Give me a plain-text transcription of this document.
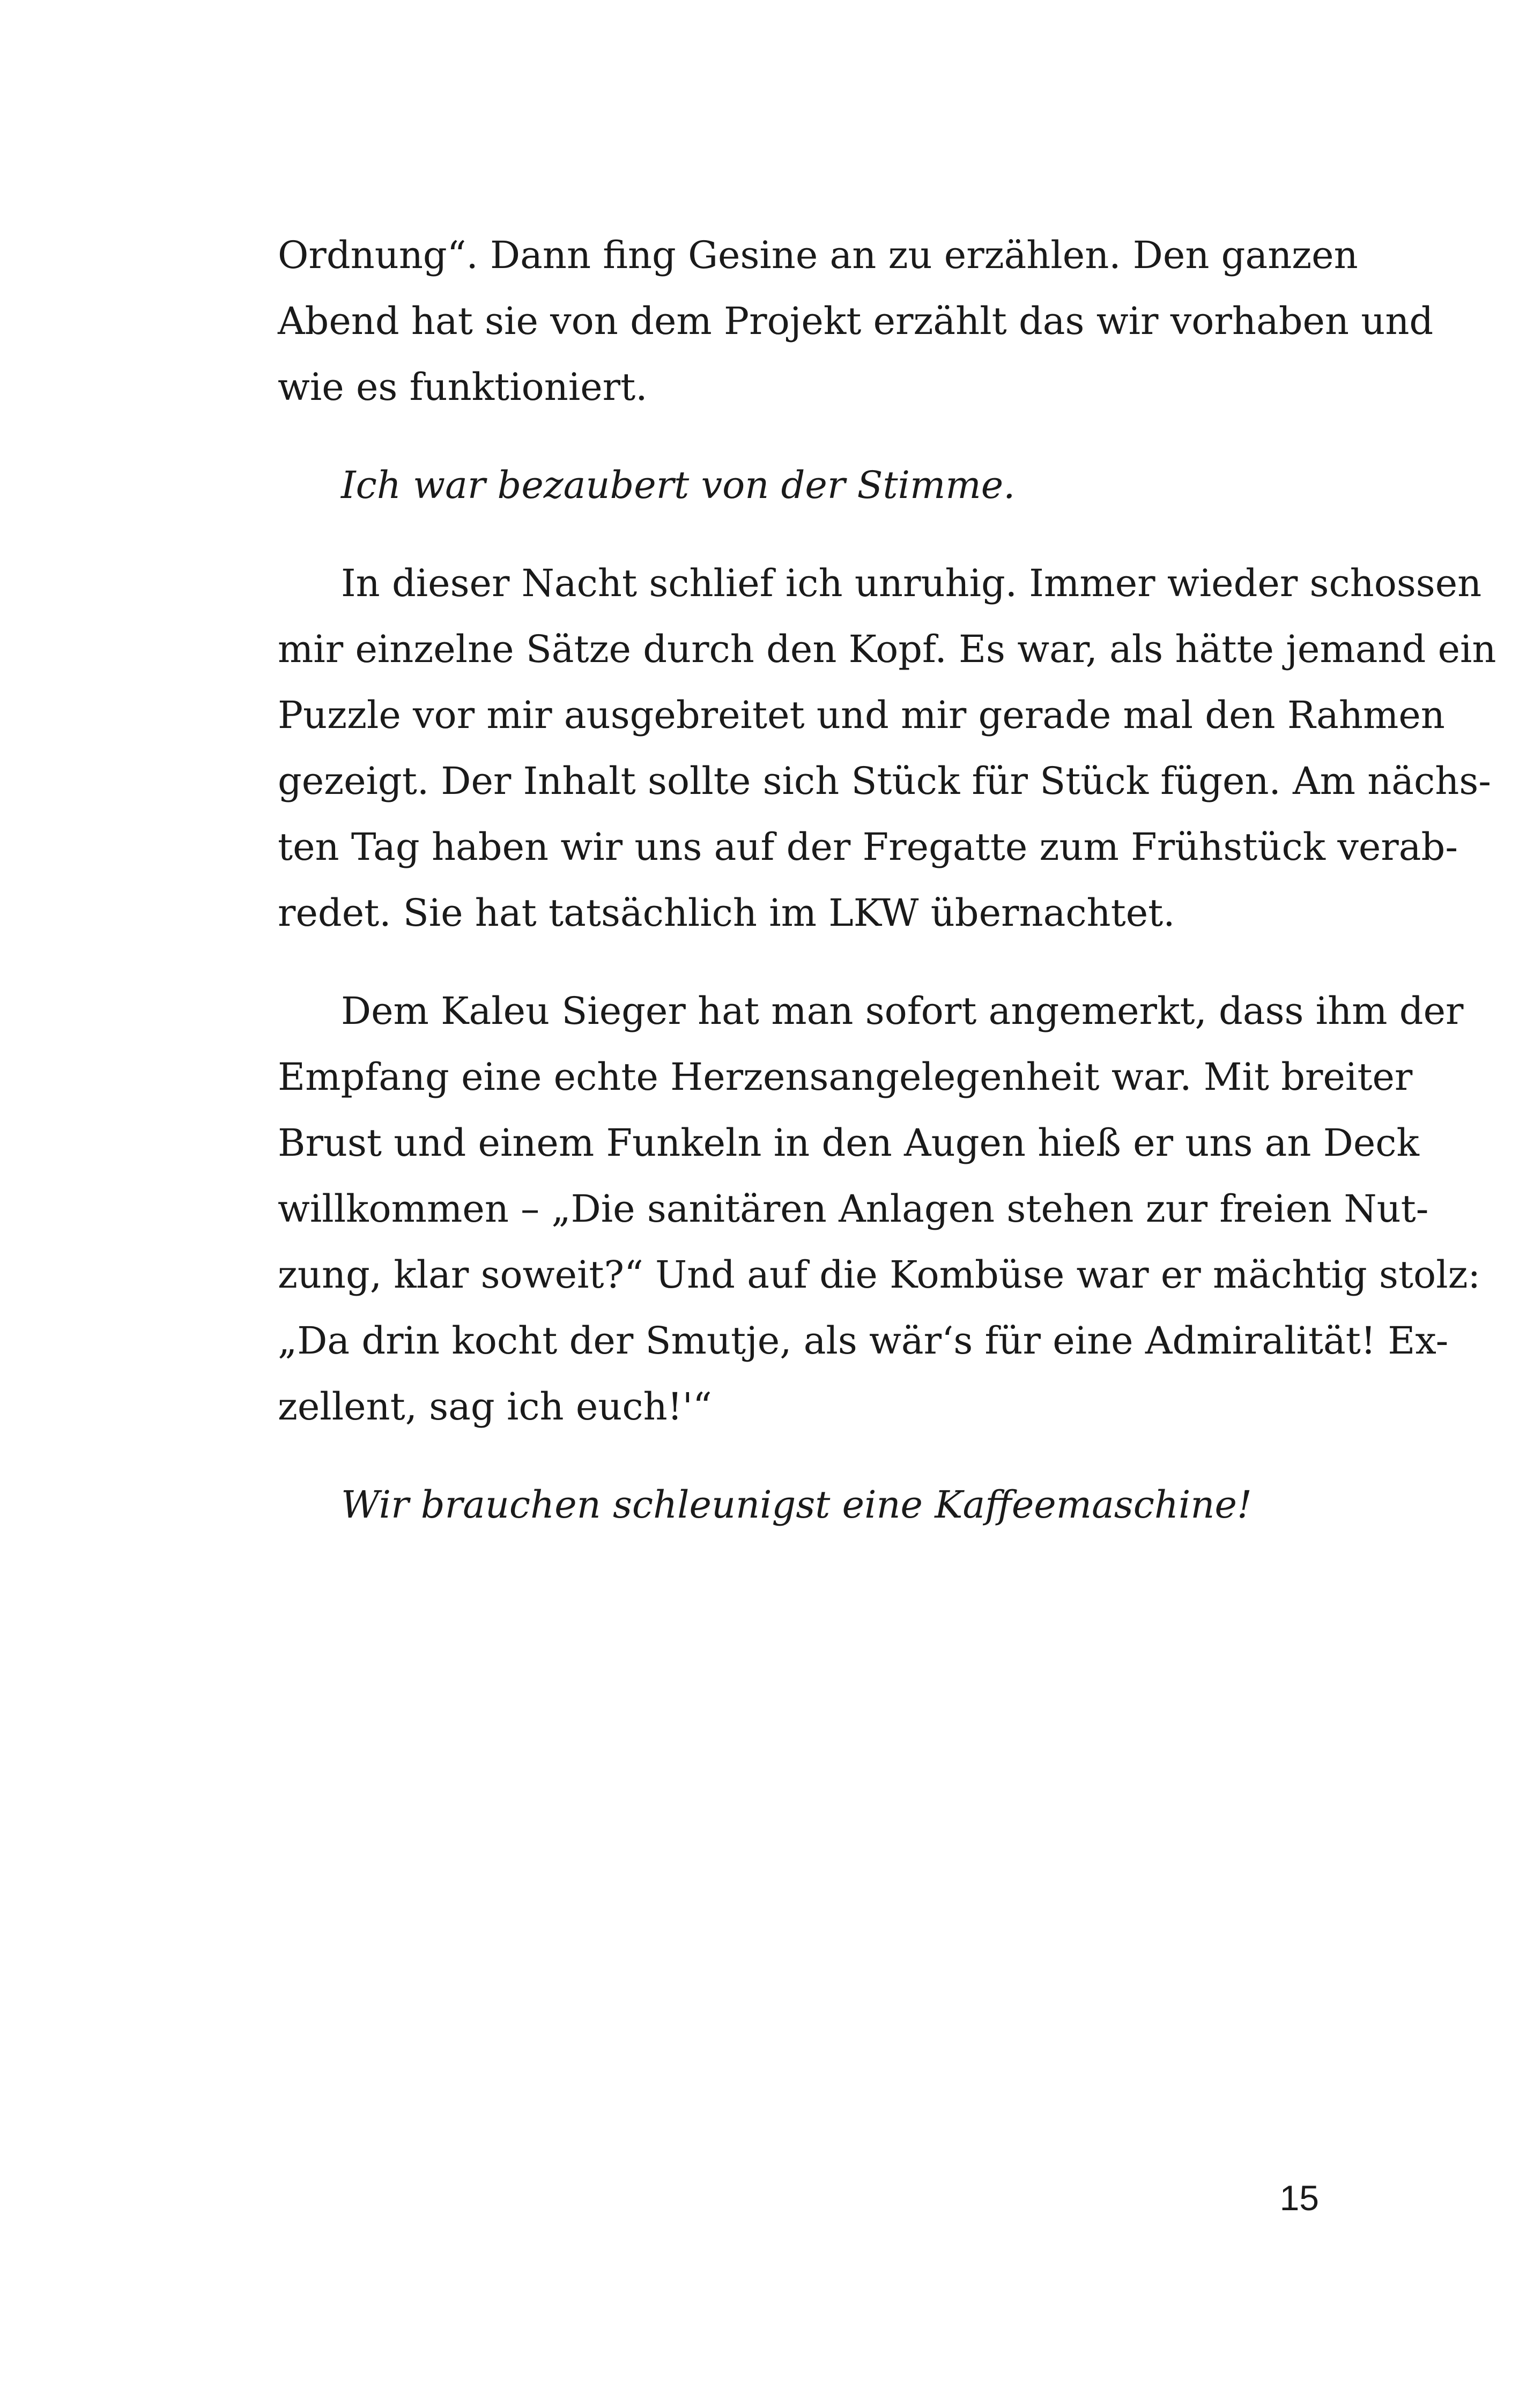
Ordnung“. Dann fing Gesine an zu erzählen. Den ganzen
Abend hat sie von dem Projekt erzählt das wir vorhaben und
wie es funktioniert.
Ich war bezaubert von der Stimme.
In dieser Nacht schlief ich unruhig. Immer wieder schossen
mir einzelne Sätze durch den Kopf. Es war, als hätte jemand ein
Puzzle vor mir ausgebreitet und mir gerade mal den Rahmen
gezeigt. Der Inhalt sollte sich Stück für Stück fügen. Am nächs-
ten Tag haben wir uns auf der Fregatte zum Frühstück verab-
redet. Sie hat tatsächlich im LKW übernachtet.
Dem Kaleu Sieger hat man sofort angemerkt, dass ihm der
Empfang eine echte Herzensangelegenheit war. Mit breiter
Brust und einem Funkeln in den Augen hieß er uns an Deck
willkommen – „Die sanitären Anlagen stehen zur freien Nut-
zung, klar soweit?“ Und auf die Kombüse war er mächtig stolz:
„Da drin kocht der Smutje, als wär‘s für eine Admiralität! Ex-
zellent, sag ich euch!'“
Wir brauchen schleunigst eine Kaffeemaschine!
15
